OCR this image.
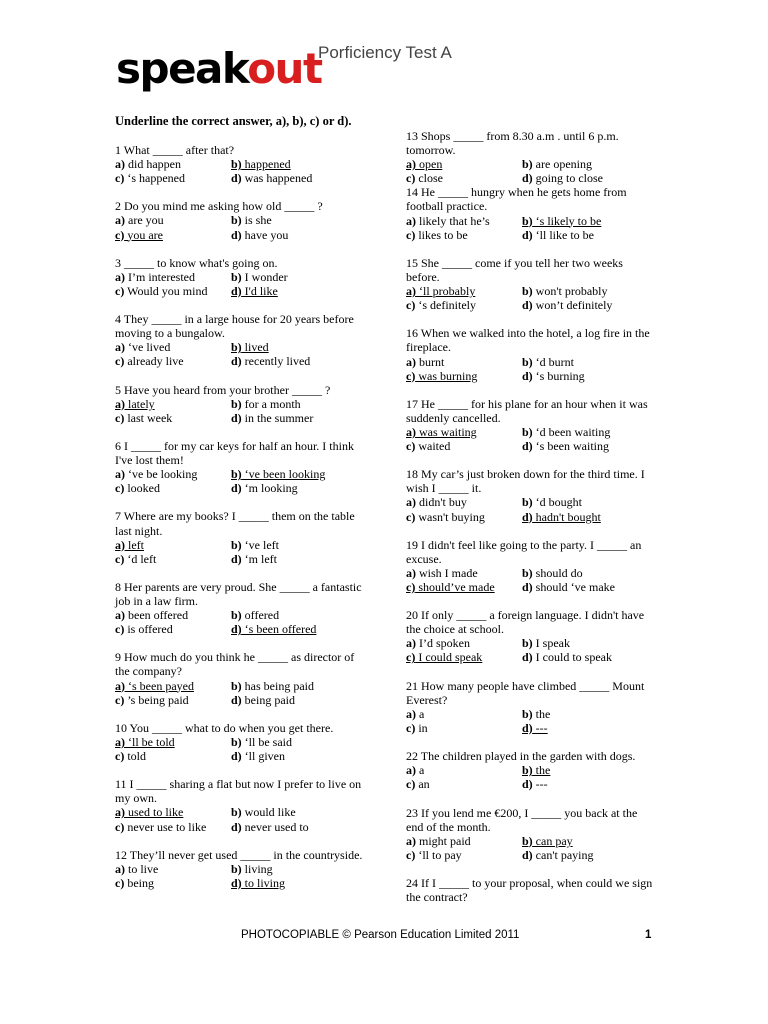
speakout
Porficiency Test A
Underline the correct answer, a), b), c) or d).
1 What _____ after that?
a) did happen	b) happened
c) ‘s happened	d) was happened
2 Do you mind me asking how old _____ ?
a) are you	b) is she
c) you are	d) have you
3 _____ to know what's going on.
a) I’m interested	b) I wonder
c) Would you mind	d) I'd like
4 They _____ in a large house for 20 years before moving to a bungalow.
a) ‘ve lived	b) lived
c) already live	d) recently lived
5 Have you heard from your brother _____ ?
a) lately	b) for a month
c) last week	d) in the summer
6 I _____ for my car keys for half an hour. I think I've lost them!
a) ‘ve be looking	b) ‘ve been looking
c) looked	d) ‘m looking
7 Where are my books? I _____ them on the table last night.
a) left	b) ‘ve left
c) ‘d left	d) ‘m left
8 Her parents are very proud. She _____ a fantastic job in a law firm.
a) been offered	b) offered
c) is offered	d) ‘s been offered
9 How much do you think he _____ as director of the company?
a) ‘s been payed	b) has being paid
c) ’s being paid	d) being paid
10 You _____ what to do when you get there.
a) ‘ll be told	b) ‘ll be said
c) told	d) ‘ll given
11 I _____ sharing a flat but now I prefer to live on my own.
a) used to like	b) would like
c) never use to like	d) never used to
12 They’ll never get used _____ in the countryside.
a) to live	b) living
c) being	d) to living
13 Shops _____ from 8.30 a.m . until 6 p.m. tomorrow.
a) open	b) are opening
c) close	d) going to close
14 He _____ hungry when he gets home from football practice.
a) likely that he’s	b) ‘s likely to be
c) likes to be	d) ‘ll like to be
15 She _____ come if you tell her two weeks before.
a) ‘ll probably	b) won't probably
c) ‘s definitely	d) won’t definitely
16 When we walked into the hotel, a log fire in the fireplace.
a) burnt	b) ‘d burnt
c) was burning	d) ‘s burning
17 He _____ for his plane for an hour when it was suddenly cancelled.
a) was waiting	b) ‘d been waiting
c) waited	d) ‘s been waiting
18 My car’s just broken down for the third time. I wish I _____ it.
a) didn't buy	b) ‘d bought
c) wasn't buying	d) hadn't bought
19 I didn't feel like going to the party. I _____ an excuse.
a) wish I made	b) should do
c) should’ve made	d) should ‘ve make
20 If only _____ a foreign language. I didn't have the choice at school.
a) I’d spoken	b) I speak
c) I could speak	d) I could to speak
21 How many people have climbed _____ Mount Everest?
a) a	b) the
c) in	d) ---
22 The children played in the garden with dogs.
a) a	b) the
c) an	d) ---
23 If you lend me €200, I _____ you back at the end of the month.
a) might paid	b) can pay
c) ‘ll to pay	d) can't paying
24 If I _____ to your proposal, when could we sign the contract?
PHOTOCOPIABLE © Pearson Education Limited 2011	1
